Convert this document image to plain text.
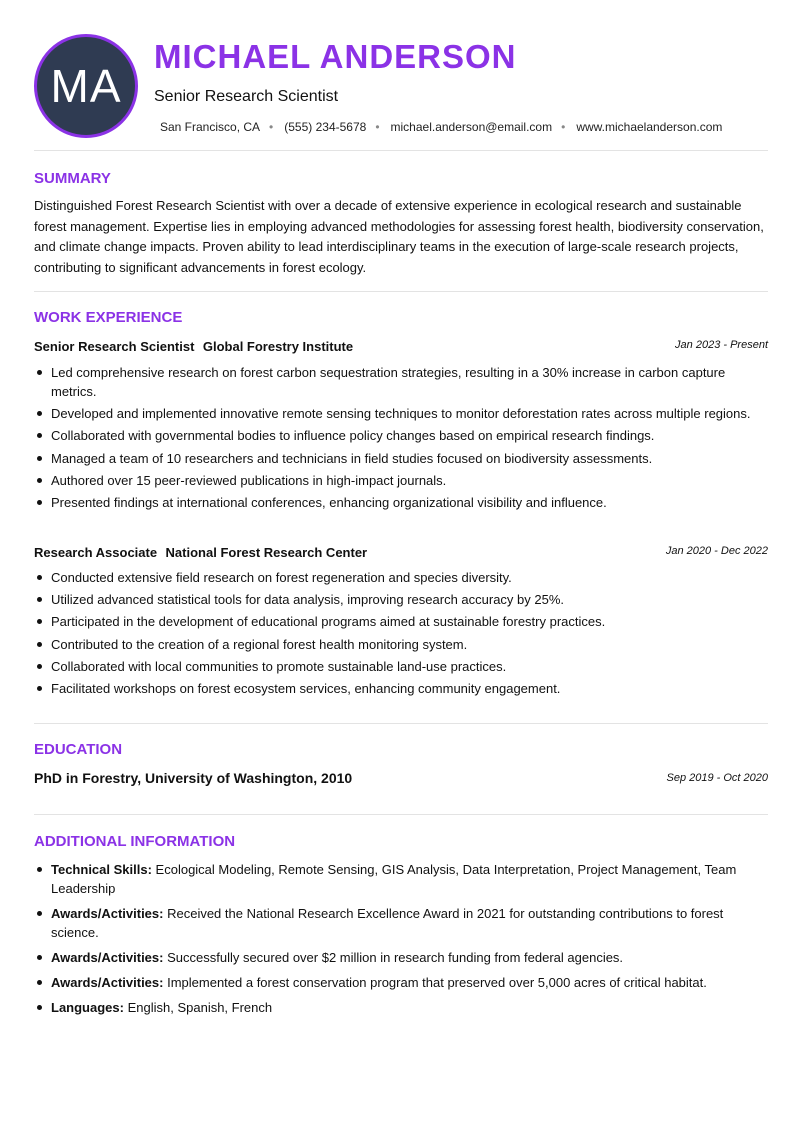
MA
MICHAEL ANDERSON
Senior Research Scientist
San Francisco, CA • (555) 234-5678 • michael.anderson@email.com • www.michaelanderson.com
SUMMARY

Distinguished Forest Research Scientist with over a decade of extensive experience in ecological research and sustainable forest management. Expertise lies in employing advanced methodologies for assessing forest health, biodiversity conservation, and climate change impacts. Proven ability to lead interdisciplinary teams in the execution of large-scale research projects, contributing to significant advancements in forest ecology.

WORK EXPERIENCE
Senior Research Scientist Global Forestry Institute	Jan 2023 - Present
Led comprehensive research on forest carbon sequestration strategies, resulting in a 30% increase in carbon capture metrics.
Developed and implemented innovative remote sensing techniques to monitor deforestation rates across multiple regions.
Collaborated with governmental bodies to influence policy changes based on empirical research findings.
Managed a team of 10 researchers and technicians in field studies focused on biodiversity assessments.
Authored over 15 peer-reviewed publications in high-impact journals.
Presented findings at international conferences, enhancing organizational visibility and influence.
Research Associate National Forest Research Center	Jan 2020 - Dec 2022
Conducted extensive field research on forest regeneration and species diversity.
Utilized advanced statistical tools for data analysis, improving research accuracy by 25%.
Participated in the development of educational programs aimed at sustainable forestry practices.
Contributed to the creation of a regional forest health monitoring system.
Collaborated with local communities to promote sustainable land-use practices.
Facilitated workshops on forest ecosystem services, enhancing community engagement.
EDUCATION
PhD in Forestry, University of Washington, 2010	Sep 2019 - Oct 2020
ADDITIONAL INFORMATION
Technical Skills: Ecological Modeling, Remote Sensing, GIS Analysis, Data Interpretation, Project Management, Team Leadership
Awards/Activities: Received the National Research Excellence Award in 2021 for outstanding contributions to forest science.
Awards/Activities: Successfully secured over $2 million in research funding from federal agencies.
Awards/Activities: Implemented a forest conservation program that preserved over 5,000 acres of critical habitat.
Languages: English, Spanish, French
